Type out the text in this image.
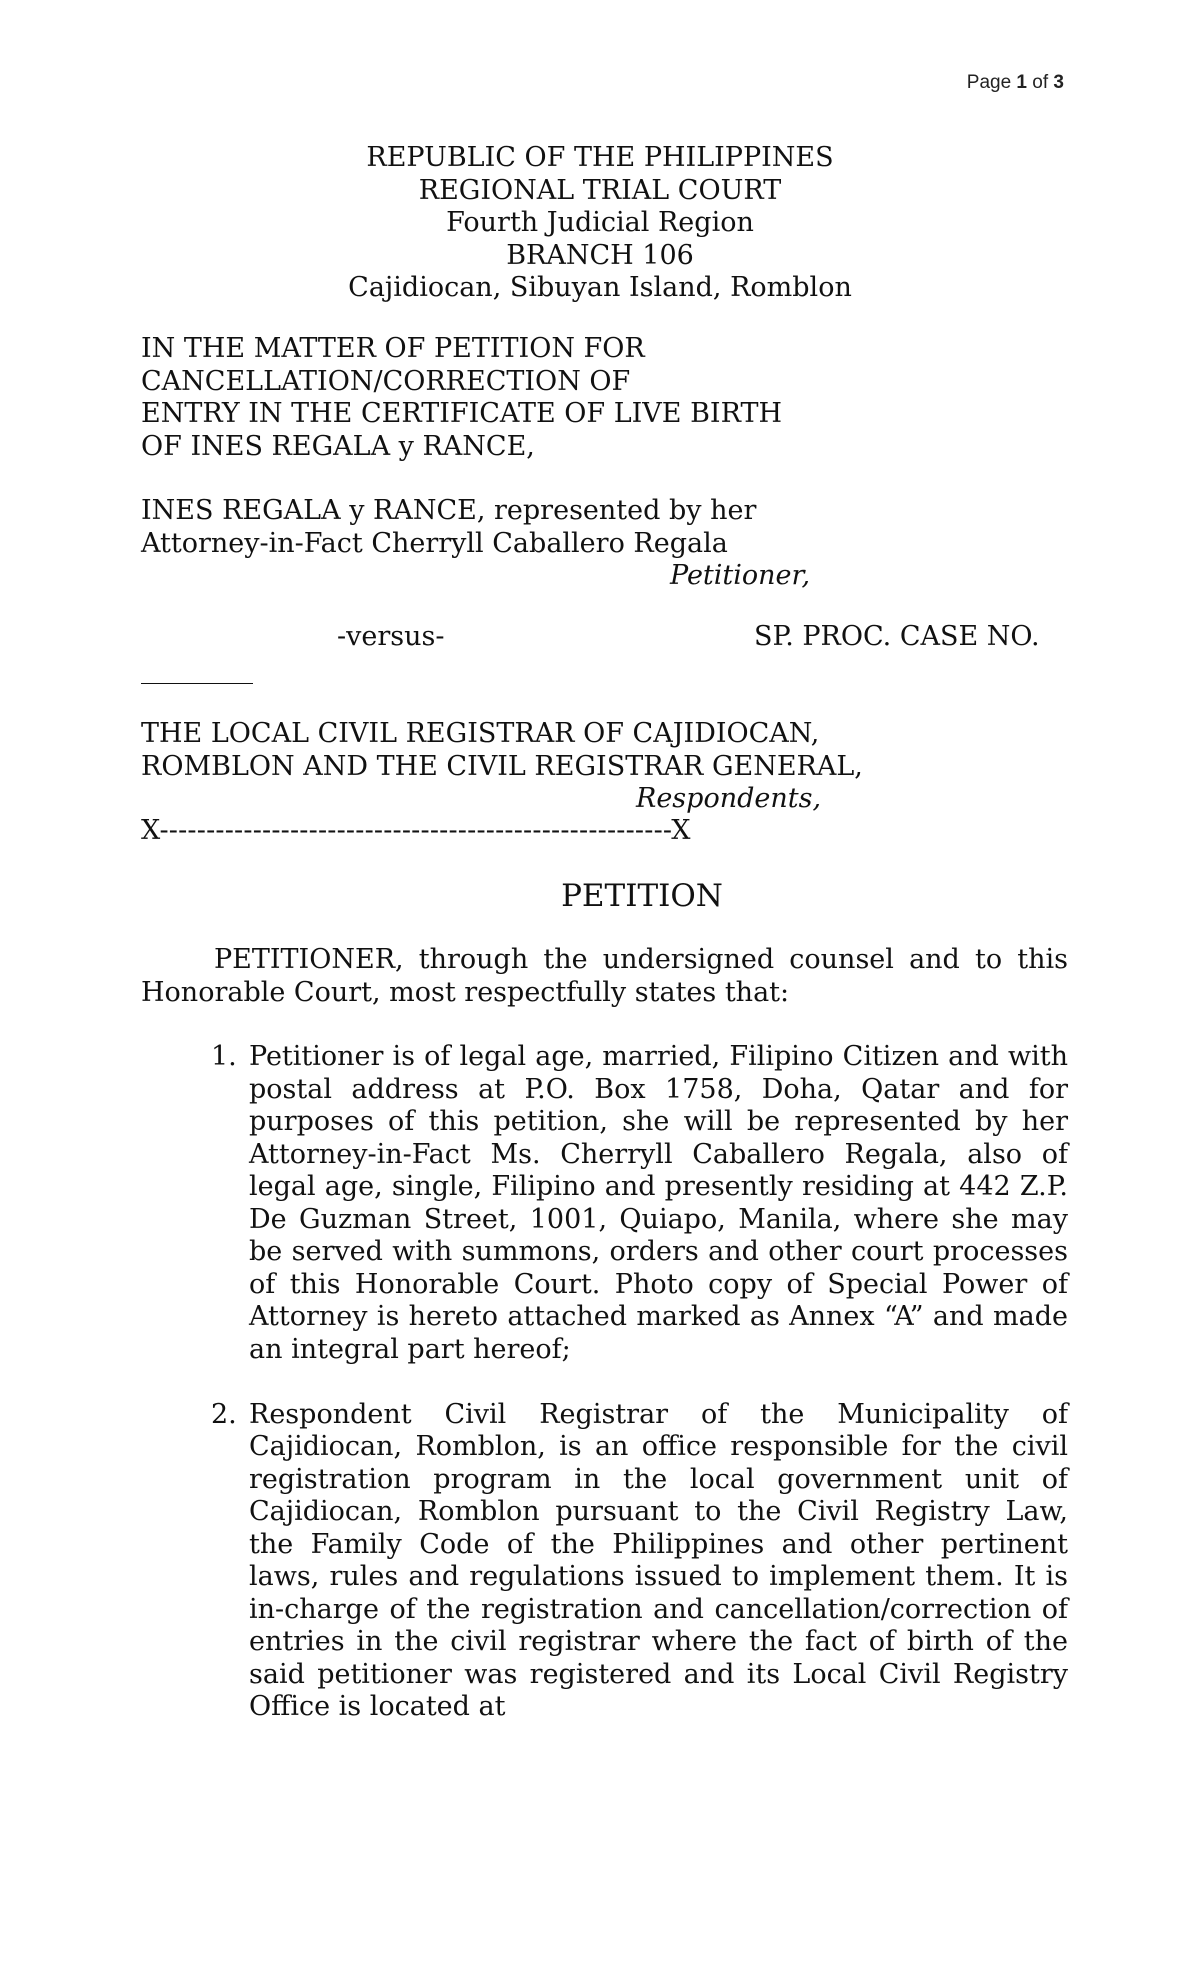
Page 1 of 3
REPUBLIC OF THE PHILIPPINES
REGIONAL TRIAL COURT
Fourth Judicial Region
BRANCH 106
Cajidiocan, Sibuyan Island, Romblon
IN THE MATTER OF PETITION FOR
CANCELLATION/CORRECTION OF
ENTRY IN THE CERTIFICATE OF LIVE BIRTH
OF INES REGALA y RANCE,
INES REGALA y RANCE, represented by her
Attorney-in-Fact Cherryll Caballero Regala
Petitioner,
-versus-	SP. PROC. CASE NO.
THE LOCAL CIVIL REGISTRAR OF CAJIDIOCAN,
ROMBLON AND THE CIVIL REGISTRAR GENERAL,
Respondents,
X-------------------------------------------------------X
PETITION
PETITIONER, through the undersigned counsel and to this Honorable Court, most respectfully states that:
1. Petitioner is of legal age, married, Filipino Citizen and with postal address at P.O. Box 1758, Doha, Qatar and for purposes of this petition, she will be represented by her Attorney-in-Fact Ms. Cherryll Caballero Regala, also of legal age, single, Filipino and presently residing at 442 Z.P. De Guzman Street, 1001, Quiapo, Manila, where she may be served with summons, orders and other court processes of this Honorable Court. Photo copy of Special Power of Attorney is hereto attached marked as Annex “A” and made an integral part hereof;
2. Respondent Civil Registrar of the Municipality of Cajidiocan, Romblon, is an office responsible for the civil registration program in the local government unit of Cajidiocan, Romblon pursuant to the Civil Registry Law, the Family Code of the Philippines and other pertinent laws, rules and regulations issued to implement them. It is in-charge of the registration and cancellation/correction of entries in the civil registrar where the fact of birth of the said petitioner was registered and its Local Civil Registry Office is located at
